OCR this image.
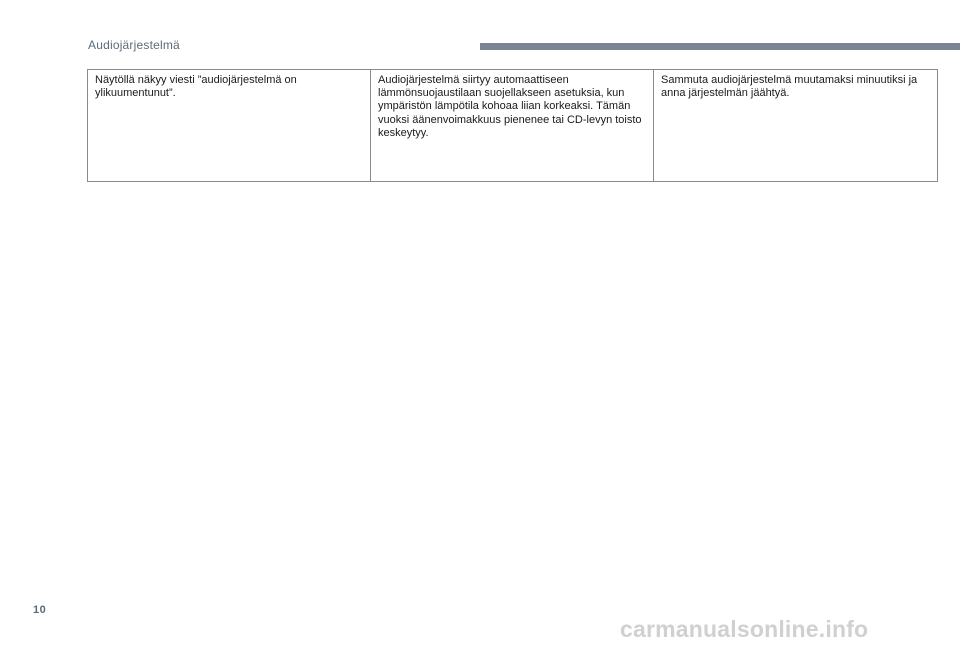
Audiojärjestelmä
Näytöllä näkyy viesti ”audiojärjestelmä on ylikuumentunut”.	Audiojärjestelmä siirtyy automaattiseen lämmönsuojaustilaan suojellakseen asetuksia, kun ympäristön lämpötila kohoaa liian korkeaksi. Tämän vuoksi äänenvoimakkuus pienenee tai CD-levyn toisto keskeytyy.	Sammuta audiojärjestelmä muutamaksi minuutiksi ja anna järjestelmän jäähtyä.
10
carmanualsonline.info
